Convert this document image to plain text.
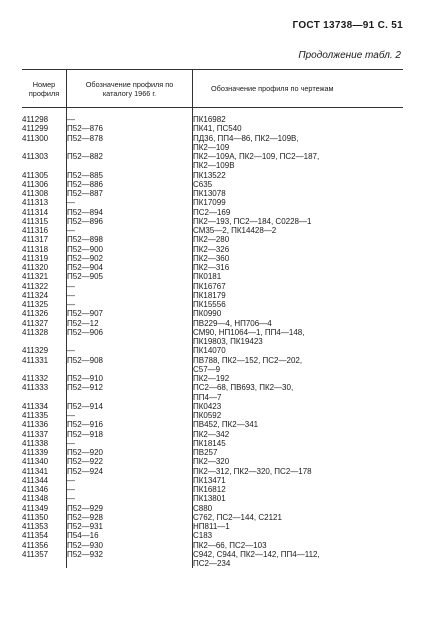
ГОСТ 13738—91 С. 51
Продолжение табл. 2
Номер
профиля	Обозначение профиля по
каталогу 1966 г.	Обозначение профиля по чертежам

411298	—	ПК16982

411299	П52—876	ПК41, ПС540

411300	П52—878	ПД36, ПП4—86, ПК2—109В,
ПК2—109

411303	П52—882	ПК2—109А, ПК2—109, ПС2—187,
ПК2—109В

411305	П52—885	ПК13522

411306	П52—886	С635

411308	П52—887	ПК13078

411313	—	ПК17099

411314	П52—894	ПС2—169

411315	П52—896	ПК2—193, ПС2—184, С0228—1

411316	—	СМ35—2, ПК14428—2

411317	П52—898	ПК2—280

411318	П52—900	ПК2—326

411319	П52—902	ПК2—360

411320	П52—904	ПК2—316

411321	П52—905	ПК0181

411322	—	ПК16767

411324	—	ПК18179

411325	—	ПК15556

411326	П52—907	ПК0990

411327	П52—12	ПВ229—4, НП706—4

411328	П52—906	СМ90, НП1064—1, ПП4—148,
ПК19803, ПК19423

411329	—	ПК14070

411331	П52—908	ПВ788, ПК2—152, ПС2—202,
С57—9

411332	П52—910	ПК2—192

411333	П52—912	ПС2—68, ПВ693, ПК2—30,
ПП4—7

411334	П52—914	ПК0423

411335	—	ПК0592

411336	П52—916	ПВ452, ПК2—341

411337	П52—918	ПК2—342

411338	—	ПК18145

411339	П52—920	ПВ257

411340	П52—922	ПК2—320

411341	П52—924	ПК2—312, ПК2—320, ПС2—178

411344	—	ПК13471

411346	—	ПК16812

411348	—	ПК13801

411349	П52—929	С880

411350	П52—928	С762, ПС2—144, С2121

411353	П52—931	НП811—1

411354	П54—16	С183

411356	П52—930	ПК2—66, ПС2—103

411357	П52—932	С942, С944, ПК2—142, ПП4—112,
ПС2—234
